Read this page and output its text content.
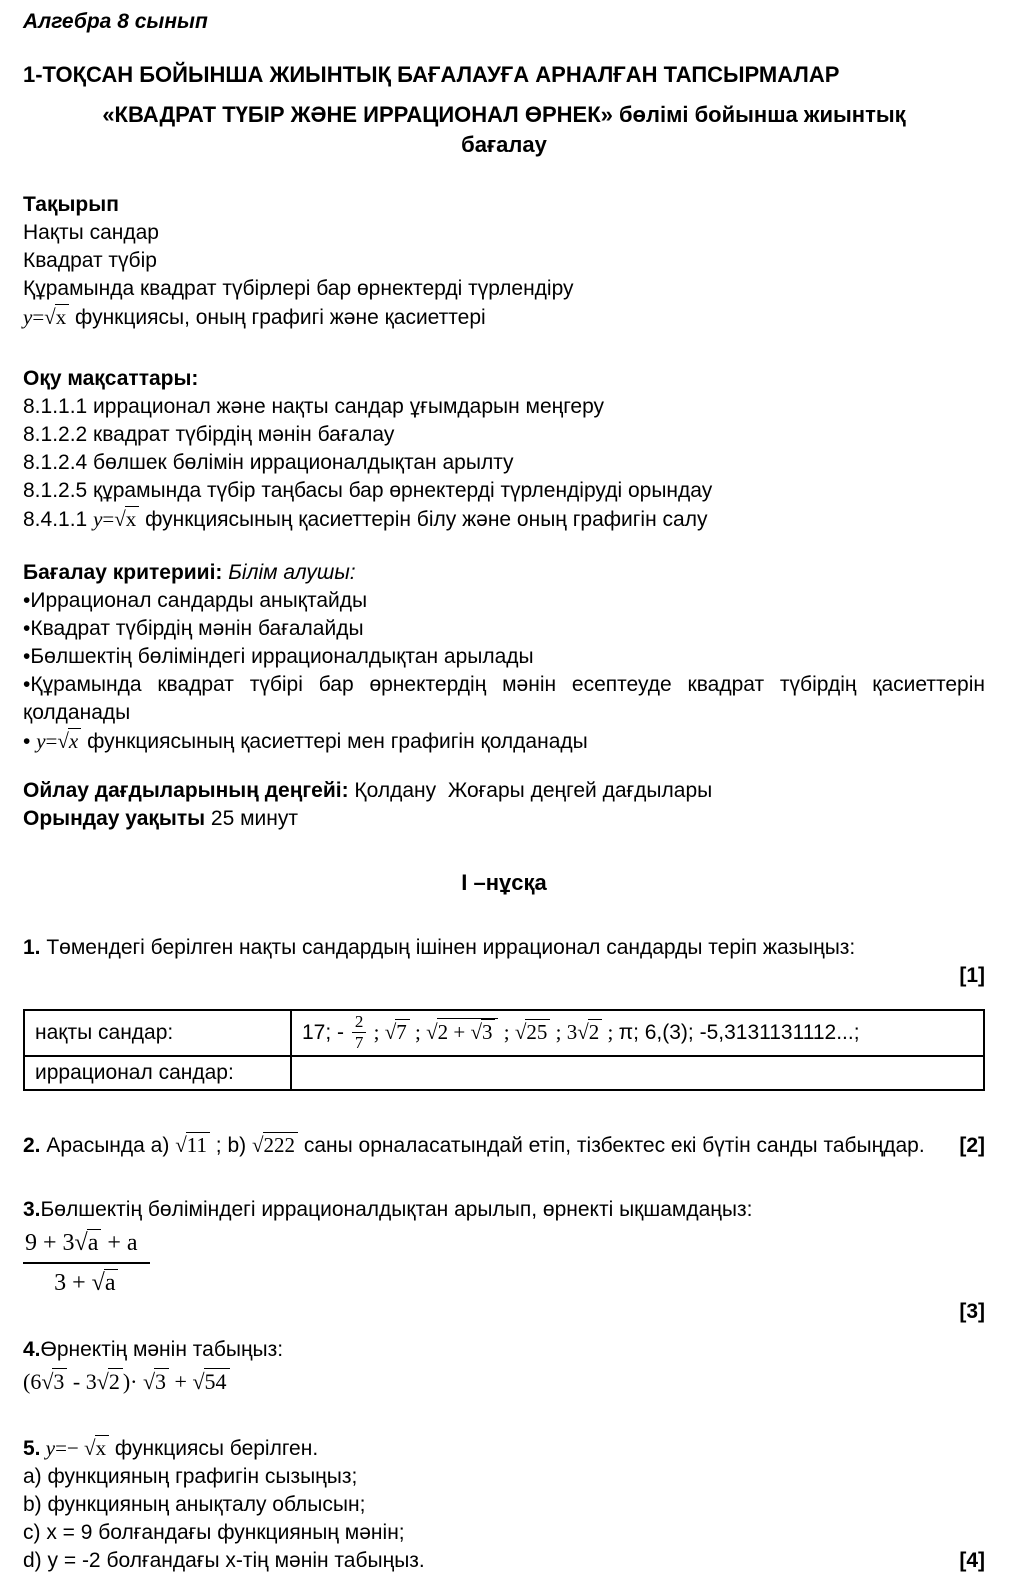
Алгебра 8 сынып
1-ТОҚСАН БОЙЫНША ЖИЫНТЫҚ БАҒАЛАУҒА АРНАЛҒАН ТАПСЫРМАЛАР
«КВАДРАТ ТҮБІР ЖӘНЕ ИРРАЦИОНАЛ ӨРНЕК» бөлімі бойынша жиынтық
бағалау
Тақырып
Нақты сандар
Квадрат түбір
Құрамында квадрат түбірлері бар өрнектерді түрлендіру
y=√x функциясы, оның графигі және қасиеттері
Оқу мақсаттары:
8.1.1.1 иррационал және нақты сандар ұғымдарын меңгеру
8.1.2.2 квадрат түбірдің мәнін бағалау
8.1.2.4 бөлшек бөлімін иррационалдықтан арылту
8.1.2.5 құрамында түбір таңбасы бар өрнектерді түрлендіруді орындау
8.4.1.1 y=√x функциясының қасиеттерін білу және оның графигін салу
Бағалау критерииі: Білім алушы:
• Иррационал сандарды анықтайды
• Квадрат түбірдің мәнін бағалайды
• Бөлшектің бөліміндегі иррационалдықтан арылады
• Құрамында квадрат түбірі бар өрнектердің мәнін есептеуде квадрат түбірдің қасиеттерін қолданады
• y=√x функциясының қасиеттері мен графигін қолданады
Ойлау дағдыларының деңгейі: Қолдану  Жоғары деңгей дағдылары
Орындау уақыты 25 минут
І –нұсқа
1. Төмендегі берілген нақты сандардың ішінен иррационал сандарды теріп жазыңыз:
[1]
нақты сандар:	17; - $\frac{2}{7}$ ; √7 ; √2 + √3 ; √25 ; 3√2 ; π; 6,(3); -5,3131131112...;
иррационал сандар:	
2. Арасында a) √11 ; b) √222 саны орналасатындай етіп, тізбектес екі бүтін санды табыңдар. [2]
3.Бөлшектің бөліміндегі иррационалдықтан арылып, өрнекті ықшамдаңыз:
$\frac{9 + 3√a + a}{3 + √a}$
[3]
4.Өрнектің мәнін табыңыз:
(6√3 - 3√2 )· √3 + √54
5. y=− √x функциясы берілген.
a) функцияның графигін сызыңыз;
b) функцияның анықталу облысын;
c) x = 9 болғандағы функцияның мәнін;
d) y = -2 болғандағы x-тің мәнін табыңыз.	[4]
